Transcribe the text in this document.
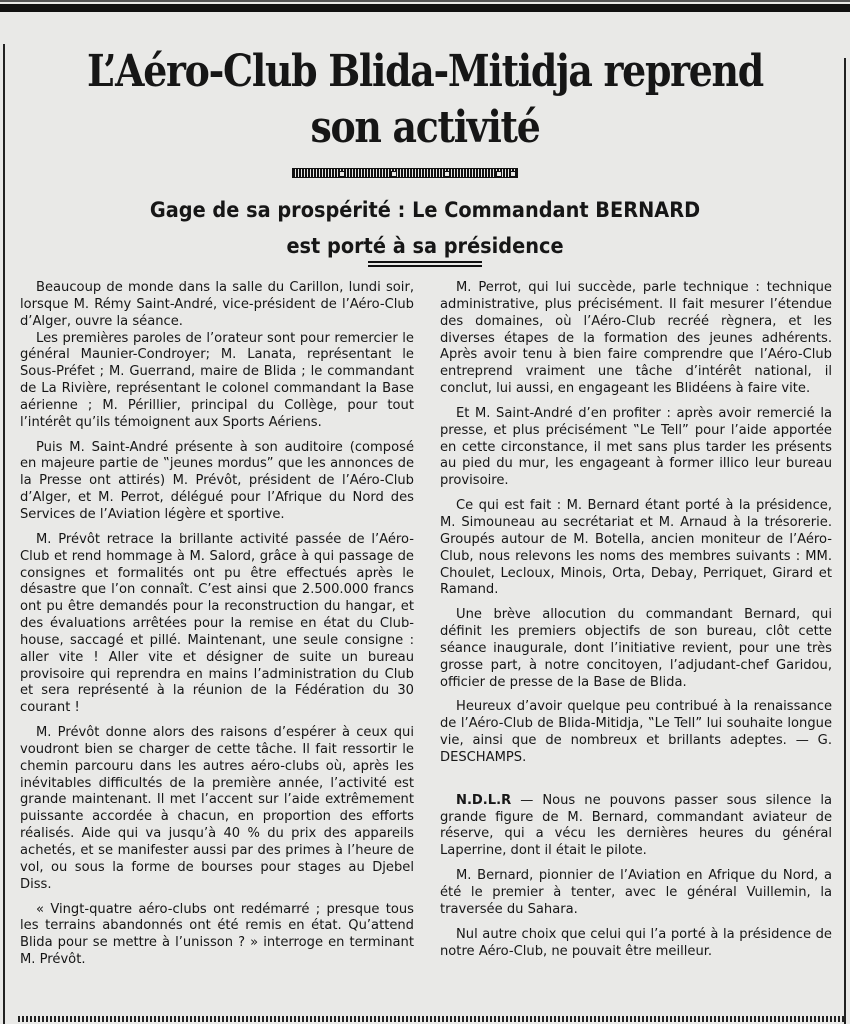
L’Aéro-Club Blida-Mitidja reprend
son activité
Gage de sa prospérité : Le Commandant BERNARD
est porté à sa présidence

Beaucoup de monde dans la salle du Carillon, lundi soir, lorsque M. Rémy Saint-André, vice-président de l’Aéro-Club d’Alger, ouvre la séance.

Les premières paroles de l’orateur sont pour remercier le général Maunier-Condroyer; M. Lanata, représentant le Sous-Préfet ; M. Guerrand, maire de Blida ; le commandant de La Rivière, représentant le colonel commandant la Base aérienne ; M. Périllier, principal du Collège, pour tout l’intérêt qu’ils témoignent aux Sports Aériens.

Puis M. Saint-André présente à son auditoire (composé en majeure partie de ‟jeunes mordus” que les annonces de la Presse ont attirés) M. Prévôt, président de l’Aéro-Club d’Alger, et M. Perrot, délégué pour l’Afrique du Nord des Services de l’Aviation légère et sportive.

M. Prévôt retrace la brillante activité passée de l’Aéro-Club et rend hommage à M. Salord, grâce à qui passage de consignes et formalités ont pu être effectués après le désastre que l’on connaît. C’est ainsi que 2.500.000 francs ont pu être demandés pour la reconstruction du hangar, et des évaluations arrêtées pour la remise en état du Club-house, saccagé et pillé. Maintenant, une seule consigne : aller vite ! Aller vite et désigner de suite un bureau provisoire qui reprendra en mains l’administration du Club et sera représenté à la réunion de la Fédération du 30 courant !

M. Prévôt donne alors des raisons d’espérer à ceux qui voudront bien se charger de cette tâche. Il fait ressortir le chemin parcouru dans les autres aéro-clubs où, après les inévitables difficultés de la première année, l’activité est grande maintenant. Il met l’accent sur l’aide extrêmement puissante accordée à chacun, en proportion des efforts réalisés. Aide qui va jusqu’à 40 % du prix des appareils achetés, et se manifester aussi par des primes à l’heure de vol, ou sous la forme de bourses pour stages au Djebel Diss.

« Vingt-quatre aéro-clubs ont redémarré ; presque tous les terrains abandonnés ont été remis en état. Qu’attend Blida pour se mettre à l’unisson ? » interroge en terminant M. Prévôt.

M. Perrot, qui lui succède, parle technique : technique administrative, plus précisément. Il fait mesurer l’étendue des domaines, où l’Aéro-Club recréé règnera, et les diverses étapes de la formation des jeunes adhérents. Après avoir tenu à bien faire comprendre que l’Aéro-Club entreprend vraiment une tâche d’intérêt national, il conclut, lui aussi, en engageant les Blidéens à faire vite.

Et M. Saint-André d’en profiter : après avoir remercié la presse, et plus précisément ‟Le Tell” pour l’aide apportée en cette circonstance, il met sans plus tarder les présents au pied du mur, les engageant à former illico leur bureau provisoire.

Ce qui est fait : M. Bernard étant porté à la présidence, M. Simouneau au secrétariat et M. Arnaud à la trésorerie. Groupés autour de M. Botella, ancien moniteur de l’Aéro-Club, nous relevons les noms des membres suivants : MM. Choulet, Lecloux, Minois, Orta, Debay, Perriquet, Girard et Ramand.

Une brève allocution du commandant Bernard, qui définit les premiers objectifs de son bureau, clôt cette séance inaugurale, dont l’initiative revient, pour une très grosse part, à notre concitoyen, l’adjudant-chef Garidou, officier de presse de la Base de Blida.

Heureux d’avoir quelque peu contribué à la renaissance de l’Aéro-Club de Blida-Mitidja, ‟Le Tell” lui souhaite longue vie, ainsi que de nombreux et brillants adeptes. — G. DESCHAMPS.

N.D.L.R — Nous ne pouvons passer sous silence la grande figure de M. Bernard, commandant aviateur de réserve, qui a vécu les dernières heures du général Laperrine, dont il était le pilote.

M. Bernard, pionnier de l’Aviation en Afrique du Nord, a été le premier à tenter, avec le général Vuillemin, la traversée du Sahara.

Nul autre choix que celui qui l’a porté à la présidence de notre Aéro-Club, ne pouvait être meilleur.
